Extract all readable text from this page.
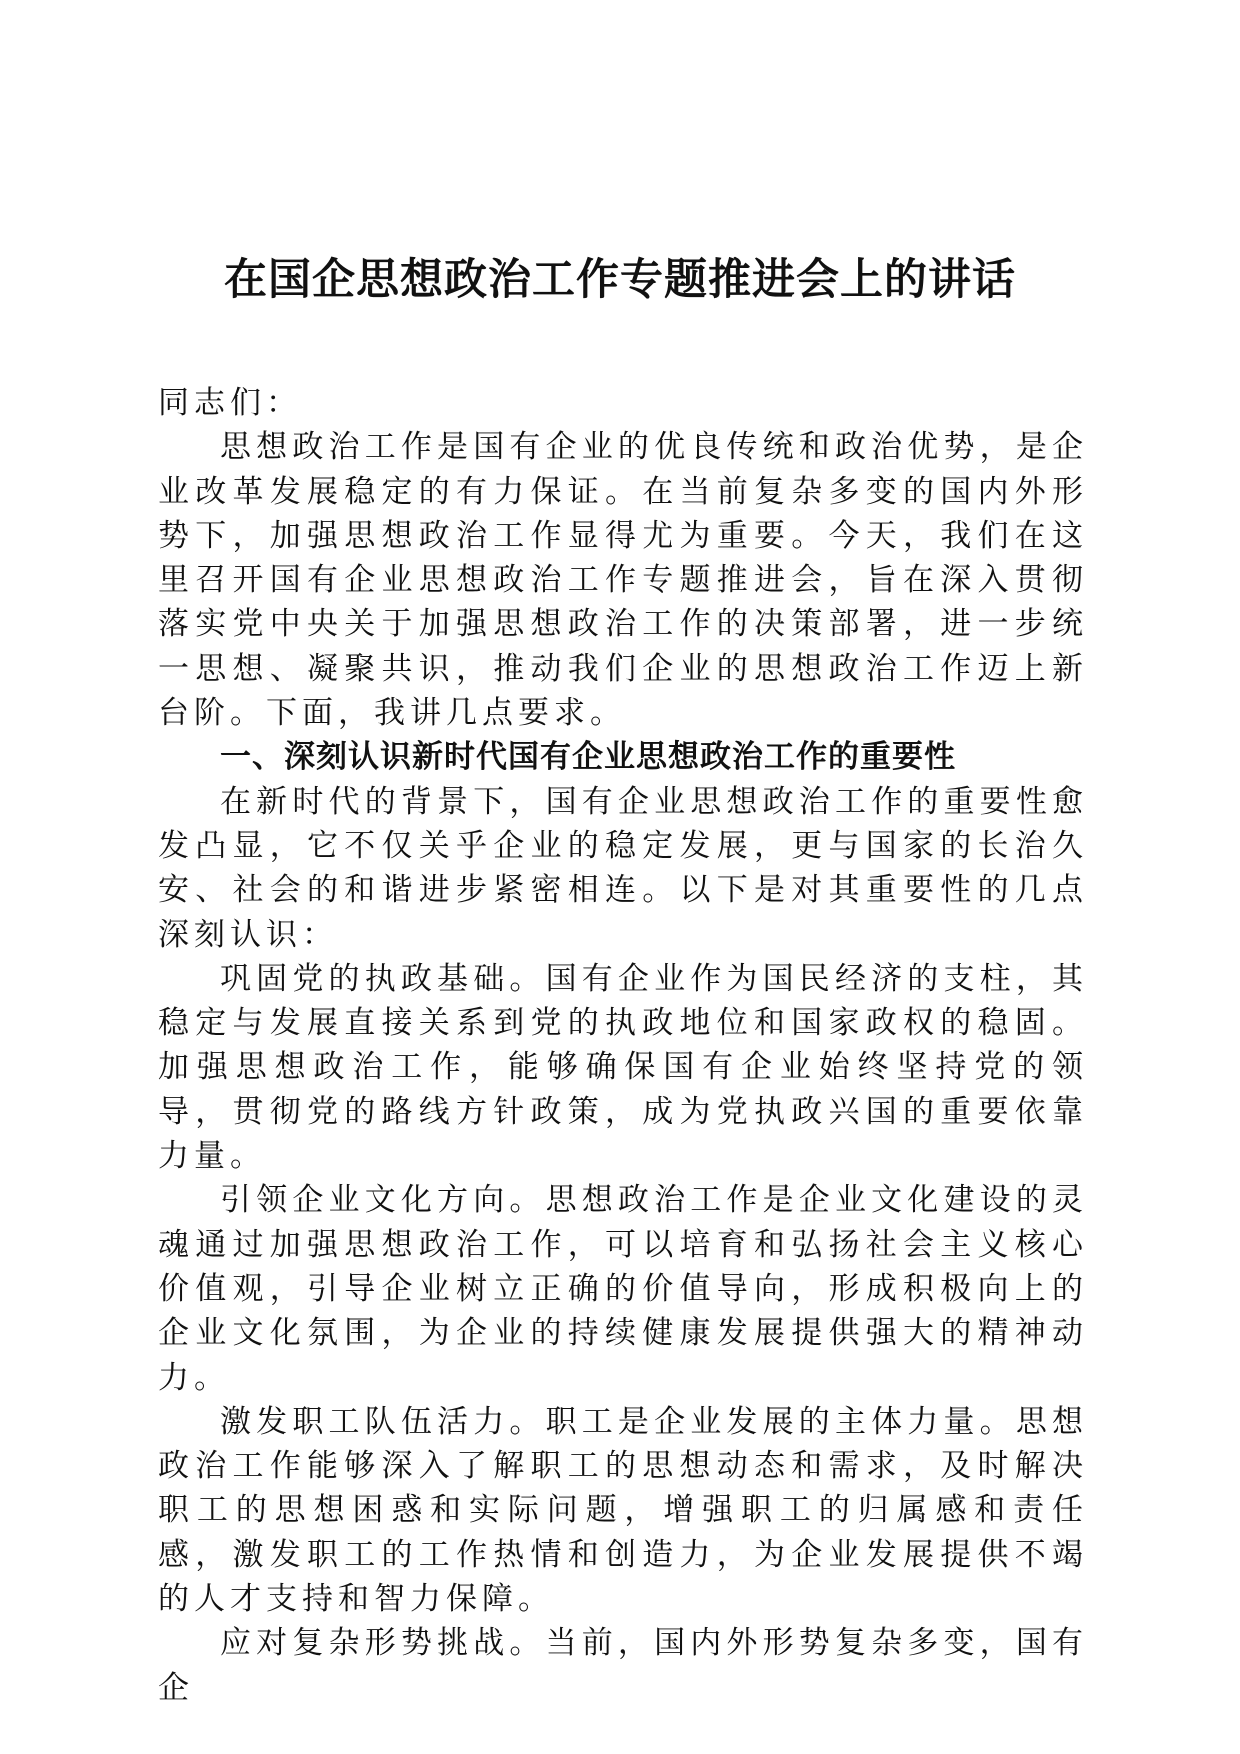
在国企思想政治工作专题推进会上的讲话

同志们：

思想政治工作是国有企业的优良传统和政治优势，是企业改革发展稳定的有力保证。在当前复杂多变的国内外形势下，加强思想政治工作显得尤为重要。今天，我们在这里召开国有企业思想政治工作专题推进会，旨在深入贯彻落实党中央关于加强思想政治工作的决策部署，进一步统一思想、凝聚共识，推动我们企业的思想政治工作迈上新台阶。下面，我讲几点要求。

一、深刻认识新时代国有企业思想政治工作的重要性

在新时代的背景下，国有企业思想政治工作的重要性愈发凸显，它不仅关乎企业的稳定发展，更与国家的长治久安、社会的和谐进步紧密相连。以下是对其重要性的几点深刻认识：

巩固党的执政基础。国有企业作为国民经济的支柱，其稳定与发展直接关系到党的执政地位和国家政权的稳固。加强思想政治工作，能够确保国有企业始终坚持党的领导，贯彻党的路线方针政策，成为党执政兴国的重要依靠力量。

引领企业文化方向。思想政治工作是企业文化建设的灵魂通过加强思想政治工作，可以培育和弘扬社会主义核心价值观，引导企业树立正确的价值导向，形成积极向上的企业文化氛围，为企业的持续健康发展提供强大的精神动力。

激发职工队伍活力。职工是企业发展的主体力量。思想政治工作能够深入了解职工的思想动态和需求，及时解决职工的思想困惑和实际问题，增强职工的归属感和责任感，激发职工的工作热情和创造力，为企业发展提供不竭的人才支持和智力保障。

应对复杂形势挑战。当前，国内外形势复杂多变，国有企
